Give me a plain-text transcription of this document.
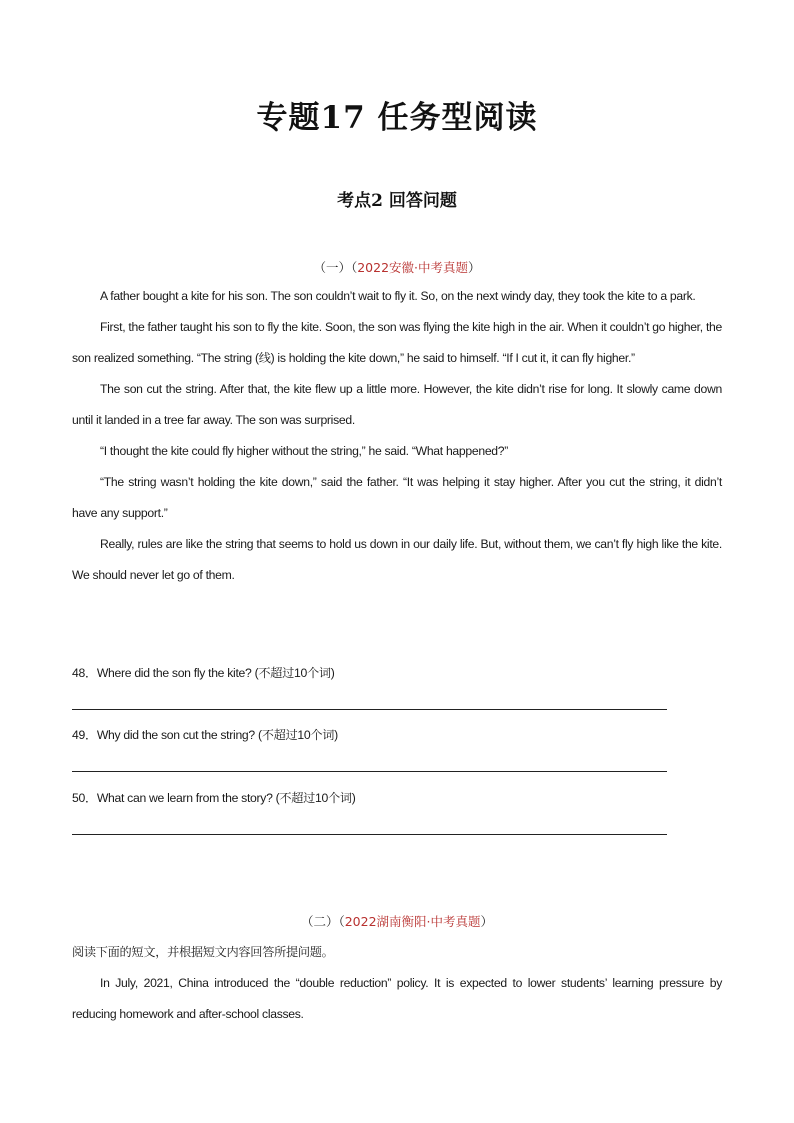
专题17 任务型阅读
考点2 回答问题
（一）（2022安徽·中考真题）

A father bought a kite for his son. The son couldn’t wait to fly it. So, on the next windy day, they took the kite to a park.

First, the father taught his son to fly the kite. Soon, the son was flying the kite high in the air. When it couldn’t go higher, the son realized something. “The string (线) is holding the kite down,” he said to himself. “If I cut it, it can fly higher.”

The son cut the string. After that, the kite flew up a little more. However, the kite didn’t rise for long. It slowly came down until it landed in a tree far away. The son was surprised.

“I thought the kite could fly higher without the string,” he said. “What happened?”

“The string wasn’t holding the kite down,” said the father. “It was helping it stay higher. After you cut the string, it didn’t have any support.”

Really, rules are like the string that seems to hold us down in our daily life. But, without them, we can’t fly high like the kite. We should never let go of them.

48．Where did the son fly the kite? (不超过10个词)
49．Why did the son cut the string? (不超过10个词)
50．What can we learn from the story? (不超过10个词)
（二）（2022湖南衡阳·中考真题）

阅读下面的短文，并根据短文内容回答所提问题。

In July, 2021, China introduced the “double reduction” policy. It is expected to lower students’ learning pressure by reducing homework and after-school classes.
